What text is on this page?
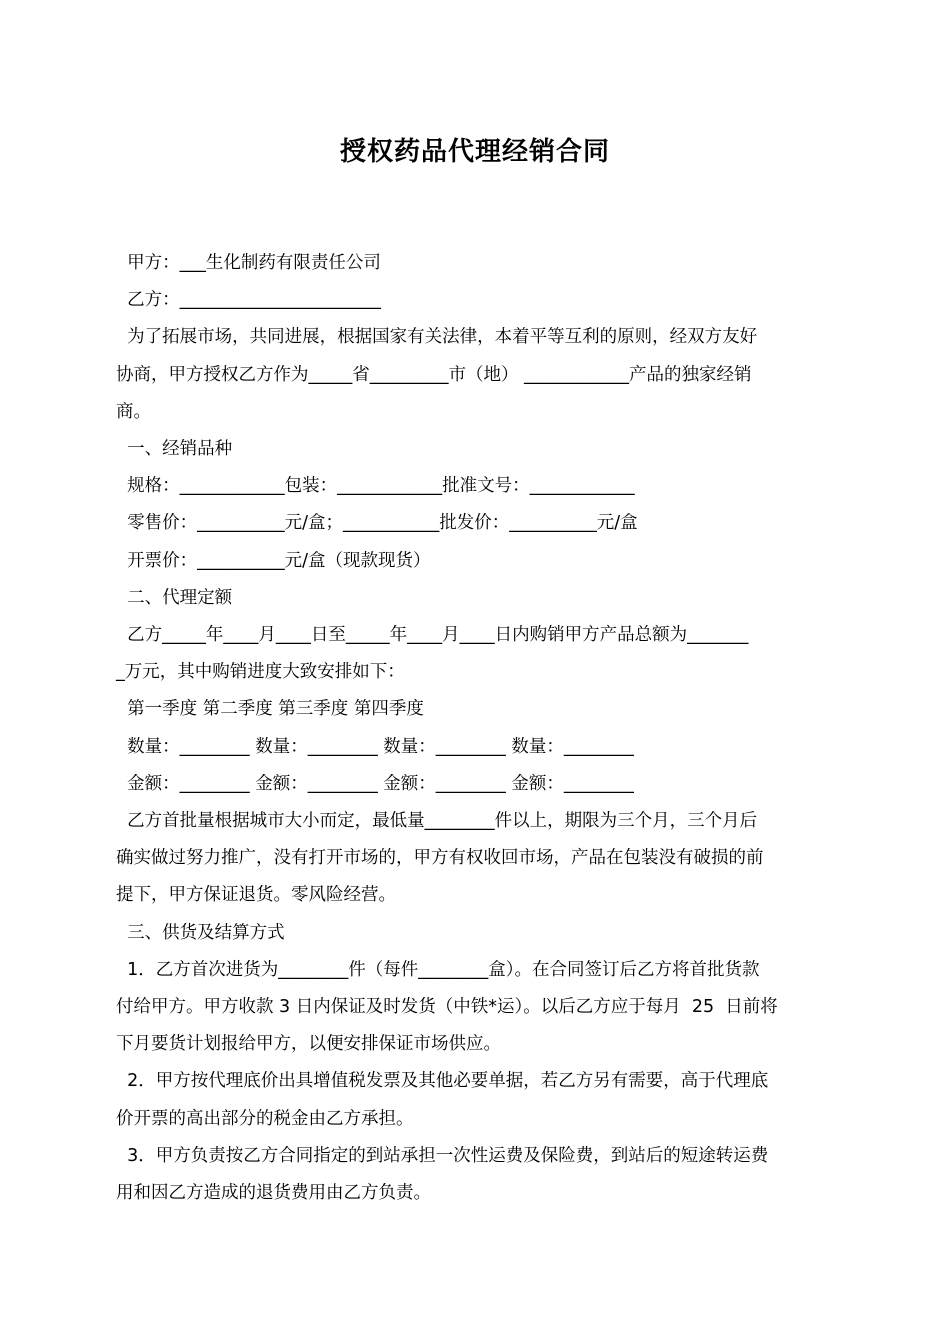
授权药品代理经销合同

甲方：___生化制药有限责任公司

乙方：_______________________

为了拓展市场，共同进展，根据国家有关法律，本着平等互利的原则，经双方友好

协商，甲方授权乙方作为_____省_________市（地） ____________产品的独家经销

商。

一、经销品种

规格：____________包装：____________批准文号：____________

零售价：__________元/盒；___________批发价：__________元/盒

开票价：__________元/盒（现款现货）

二、代理定额

乙方_____年____月____日至_____年____月____日内购销甲方产品总额为_______

_万元，其中购销进度大致安排如下：

第一季度 第二季度 第三季度 第四季度

数量：________ 数量：________ 数量：________ 数量：________

金额：________ 金额：________ 金额：________ 金额：________

乙方首批量根据城市大小而定，最低量________件以上，期限为三个月，三个月后

确实做过努力推广，没有打开市场的，甲方有权收回市场，产品在包装没有破损的前

提下，甲方保证退货。零风险经营。

三、供货及结算方式

1．乙方首次进货为________件（每件________盒）。在合同签订后乙方将首批货款

付给甲方。甲方收款 3 日内保证及时发货（中铁*运）。以后乙方应于每月  25  日前将

下月要货计划报给甲方，以便安排保证市场供应。

2．甲方按代理底价出具增值税发票及其他必要单据，若乙方另有需要，高于代理底

价开票的高出部分的税金由乙方承担。

3．甲方负责按乙方合同指定的到站承担一次性运费及保险费，到站后的短途转运费

用和因乙方造成的退货费用由乙方负责。
